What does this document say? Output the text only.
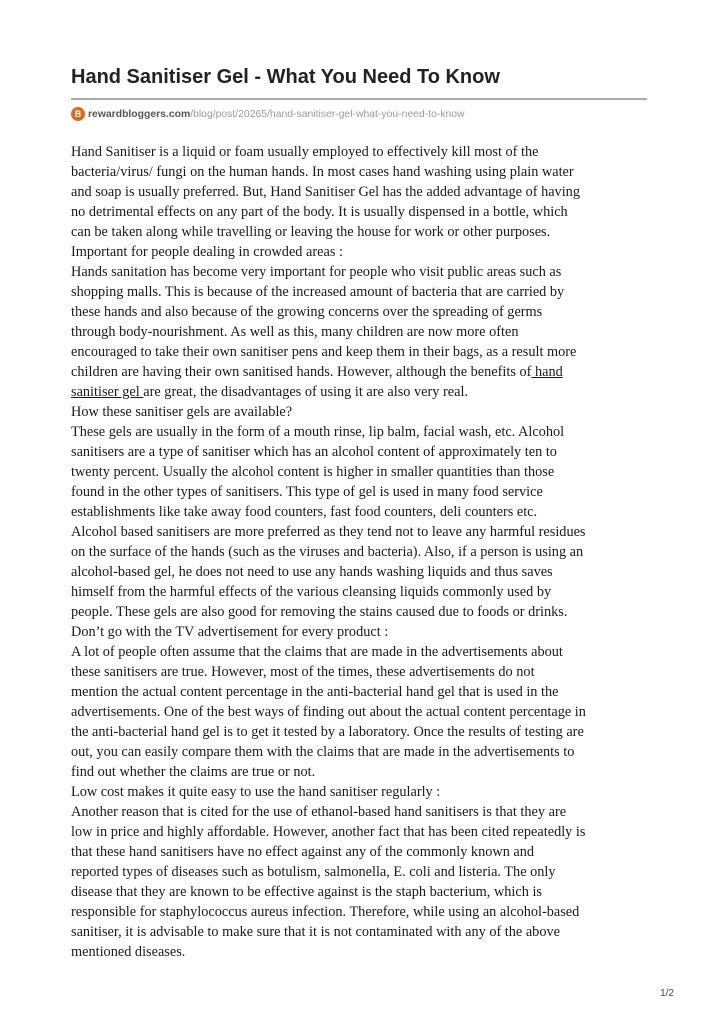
Hand Sanitiser Gel - What You Need To Know
B rewardbloggers.com /blog/post/20265/hand-sanitiser-gel-what-you-need-to-know
Hand Sanitiser is a liquid or foam usually employed to effectively kill most of the
bacteria/virus/ fungi on the human hands. In most cases hand washing using plain water
and soap is usually preferred. But, Hand Sanitiser Gel has the added advantage of having
no detrimental effects on any part of the body. It is usually dispensed in a bottle, which
can be taken along while travelling or leaving the house for work or other purposes.
Important for people dealing in crowded areas :
Hands sanitation has become very important for people who visit public areas such as
shopping malls. This is because of the increased amount of bacteria that are carried by
these hands and also because of the growing concerns over the spreading of germs
through body-nourishment. As well as this, many children are now more often
encouraged to take their own sanitiser pens and keep them in their bags, as a result more
children are having their own sanitised hands. However, although the benefits of hand
sanitiser gel are great, the disadvantages of using it are also very real.
How these sanitiser gels are available?
These gels are usually in the form of a mouth rinse, lip balm, facial wash, etc. Alcohol
sanitisers are a type of sanitiser which has an alcohol content of approximately ten to
twenty percent. Usually the alcohol content is higher in smaller quantities than those
found in the other types of sanitisers. This type of gel is used in many food service
establishments like take away food counters, fast food counters, deli counters etc.
Alcohol based sanitisers are more preferred as they tend not to leave any harmful residues
on the surface of the hands (such as the viruses and bacteria). Also, if a person is using an
alcohol-based gel, he does not need to use any hands washing liquids and thus saves
himself from the harmful effects of the various cleansing liquids commonly used by
people. These gels are also good for removing the stains caused due to foods or drinks.
Don’t go with the TV advertisement for every product :
A lot of people often assume that the claims that are made in the advertisements about
these sanitisers are true. However, most of the times, these advertisements do not
mention the actual content percentage in the anti-bacterial hand gel that is used in the
advertisements. One of the best ways of finding out about the actual content percentage in
the anti-bacterial hand gel is to get it tested by a laboratory. Once the results of testing are
out, you can easily compare them with the claims that are made in the advertisements to
find out whether the claims are true or not.
Low cost makes it quite easy to use the hand sanitiser regularly :
Another reason that is cited for the use of ethanol-based hand sanitisers is that they are
low in price and highly affordable. However, another fact that has been cited repeatedly is
that these hand sanitisers have no effect against any of the commonly known and
reported types of diseases such as botulism, salmonella, E. coli and listeria. The only
disease that they are known to be effective against is the staph bacterium, which is
responsible for staphylococcus aureus infection. Therefore, while using an alcohol-based
sanitiser, it is advisable to make sure that it is not contaminated with any of the above
mentioned diseases.
1/2
